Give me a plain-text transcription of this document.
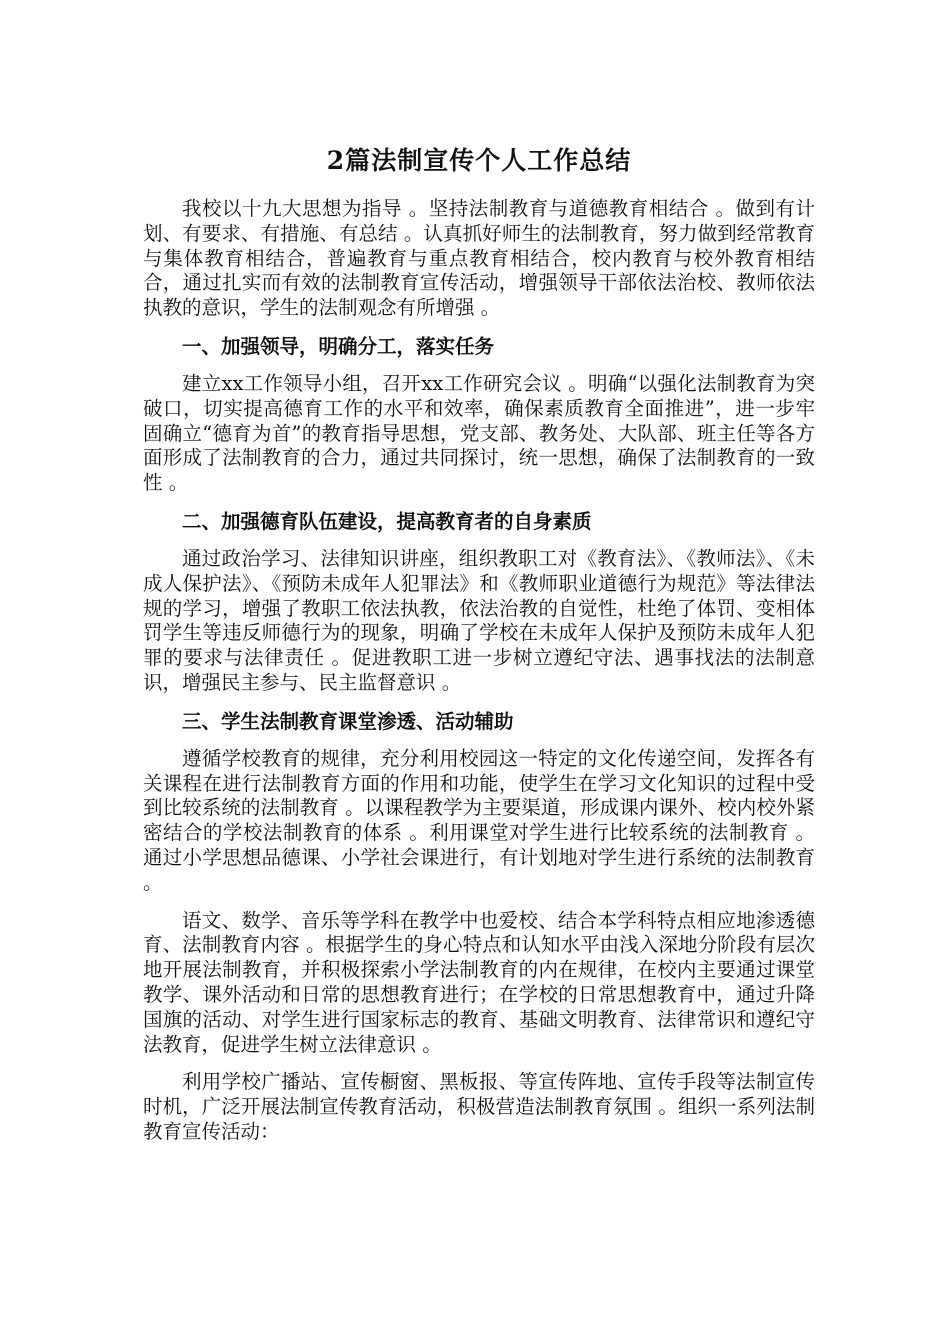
2篇法制宣传个人工作总结

我校以十九大思想为指导 。坚持法制教育与道德教育相结合 。做到有计划、有要求、有措施、有总结 。认真抓好师生的法制教育，努力做到经常教育与集体教育相结合，普遍教育与重点教育相结合，校内教育与校外教育相结合，通过扎实而有效的法制教育宣传活动，增强领导干部依法治校、教师依法执教的意识，学生的法制观念有所增强 。

一、加强领导，明确分工，落实任务

建立xx工作领导小组，召开xx工作研究会议 。明确“以强化法制教育为突破口，切实提高德育工作的水平和效率，确保素质教育全面推进”，进一步牢固确立“德育为首”的教育指导思想，党支部、教务处、大队部、班主任等各方面形成了法制教育的合力，通过共同探讨，统一思想，确保了法制教育的一致性 。

二、加强德育队伍建设，提高教育者的自身素质

通过政治学习、法律知识讲座，组织教职工对《教育法》、《教师法》、《未成人保护法》、《预防未成年人犯罪法》和《教师职业道德行为规范》等法律法规的学习，增强了教职工依法执教，依法治教的自觉性，杜绝了体罚、变相体罚学生等违反师德行为的现象，明确了学校在未成年人保护及预防未成年人犯罪的要求与法律责任 。促进教职工进一步树立遵纪守法、遇事找法的法制意识，增强民主参与、民主监督意识 。

三、学生法制教育课堂渗透、活动辅助

遵循学校教育的规律，充分利用校园这一特定的文化传递空间，发挥各有关课程在进行法制教育方面的作用和功能，使学生在学习文化知识的过程中受到比较系统的法制教育 。以课程教学为主要渠道，形成课内课外、校内校外紧密结合的学校法制教育的体系 。利用课堂对学生进行比较系统的法制教育 。通过小学思想品德课、小学社会课进行，有计划地对学生进行系统的法制教育 。

语文、数学、音乐等学科在教学中也爱校、结合本学科特点相应地渗透德育、法制教育内容 。根据学生的身心特点和认知水平由浅入深地分阶段有层次地开展法制教育，并积极探索小学法制教育的内在规律，在校内主要通过课堂教学、课外活动和日常的思想教育进行；在学校的日常思想教育中，通过升降国旗的活动、对学生进行国家标志的教育、基础文明教育、法律常识和遵纪守法教育，促进学生树立法律意识 。

利用学校广播站、宣传橱窗、黑板报、等宣传阵地、宣传手段等法制宣传时机，广泛开展法制宣传教育活动，积极营造法制教育氛围 。组织一系列法制教育宣传活动：
